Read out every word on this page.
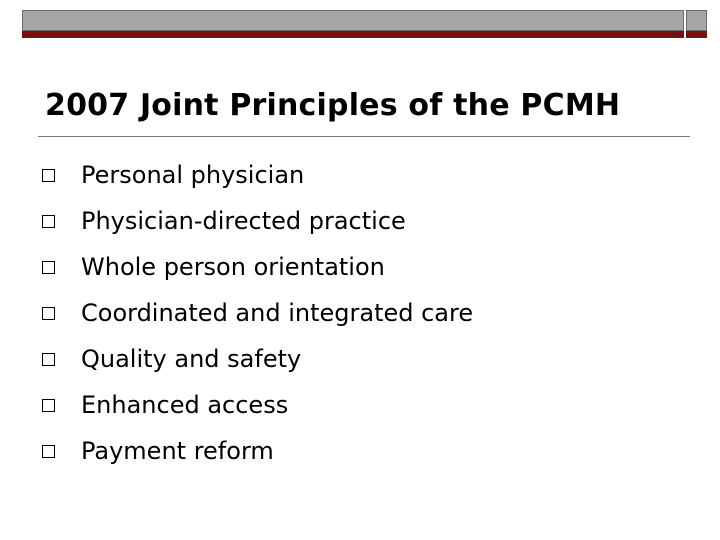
2007 Joint Principles of the PCMH
Personal physician
Physician-directed practice
Whole person orientation
Coordinated and integrated care
Quality and safety
Enhanced access
Payment reform
